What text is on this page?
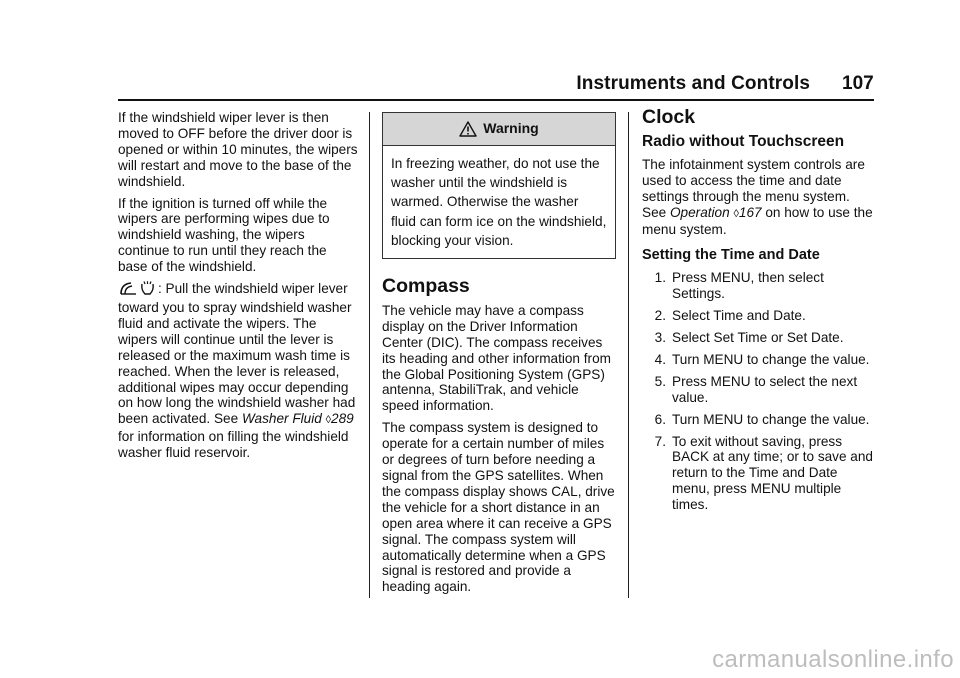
Instruments and Controls 107

If the windshield wiper lever is then moved to OFF before the driver door is opened or within 10 minutes, the wipers will restart and move to the base of the windshield.

If the ignition is turned off while the wipers are performing wipes due to windshield washing, the wipers continue to run until they reach the base of the windshield.

: Pull the windshield wiper lever toward you to spray windshield washer fluid and activate the wipers. The wipers will continue until the lever is released or the maximum wash time is reached. When the lever is released, additional wipes may occur depending on how long the windshield washer had been activated. See Washer Fluid ◊289 for information on filling the windshield washer fluid reservoir.

Warning
In freezing weather, do not use the washer until the windshield is warmed. Otherwise the washer fluid can form ice on the windshield, blocking your vision.
Compass

The vehicle may have a compass display on the Driver Information Center (DIC). The compass receives its heading and other information from the Global Positioning System (GPS) antenna, StabiliTrak, and vehicle speed information.

The compass system is designed to operate for a certain number of miles or degrees of turn before needing a signal from the GPS satellites. When the compass display shows CAL, drive the vehicle for a short distance in an open area where it can receive a GPS signal. The compass system will automatically determine when a GPS signal is restored and provide a heading again.

Clock
Radio without Touchscreen

The infotainment system controls are used to access the time and date settings through the menu system. See Operation ◊167 on how to use the menu system.

Setting the Time and Date
1. Press MENU, then select Settings.
2. Select Time and Date.
3. Select Set Time or Set Date.
4. Turn MENU to change the value.
5. Press MENU to select the next value.
6. Turn MENU to change the value.
7. To exit without saving, press BACK at any time; or to save and return to the Time and Date menu, press MENU multiple times.
carmanualsonline.info
